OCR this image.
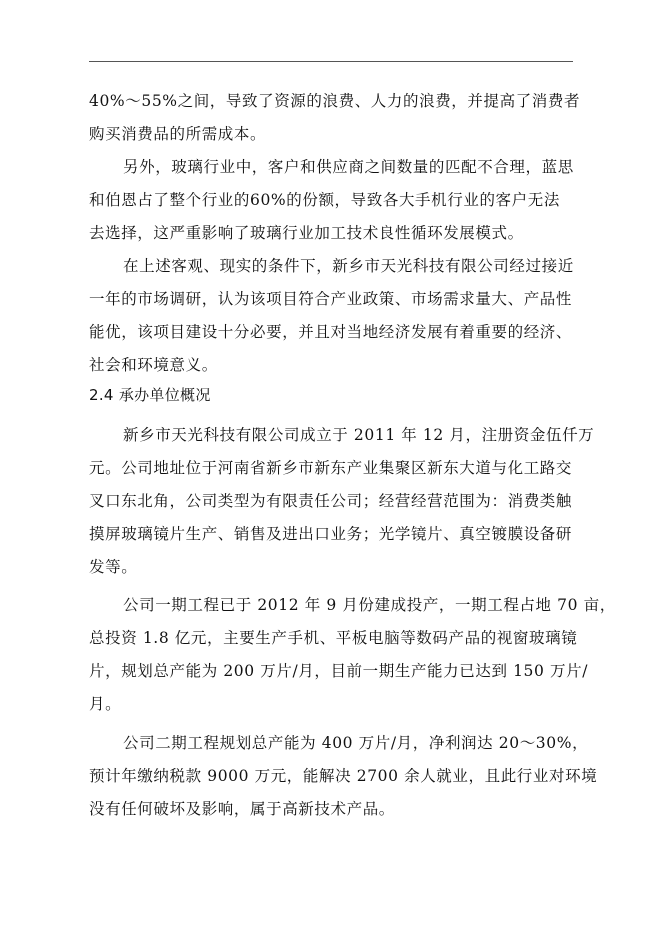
40%～55%之间，导致了资源的浪费、人力的浪费，并提高了消费者
购买消费品的所需成本。
另外，玻璃行业中，客户和供应商之间数量的匹配不合理，蓝思
和伯恩占了整个行业的60%的份额，导致各大手机行业的客户无法
去选择，这严重影响了玻璃行业加工技术良性循环发展模式。
在上述客观、现实的条件下，新乡市天光科技有限公司经过接近
一年的市场调研，认为该项目符合产业政策、市场需求量大、产品性
能优，该项目建设十分必要，并且对当地经济发展有着重要的经济、
社会和环境意义。
2.4 承办单位概况
新乡市天光科技有限公司成立于 2011 年 12 月，注册资金伍仟万
元。公司地址位于河南省新乡市新东产业集聚区新东大道与化工路交
叉口东北角，公司类型为有限责任公司；经营经营范围为：消费类触
摸屏玻璃镜片生产、销售及进出口业务；光学镜片、真空镀膜设备研
发等。
公司一期工程已于 2012 年 9 月份建成投产，一期工程占地 70 亩，
总投资 1.8 亿元，主要生产手机、平板电脑等数码产品的视窗玻璃镜
片，规划总产能为 200 万片/月，目前一期生产能力已达到 150 万片/
月。
公司二期工程规划总产能为 400 万片/月，净利润达 20～30%，
预计年缴纳税款 9000 万元，能解决 2700 余人就业，且此行业对环境
没有任何破坏及影响，属于高新技术产品。
